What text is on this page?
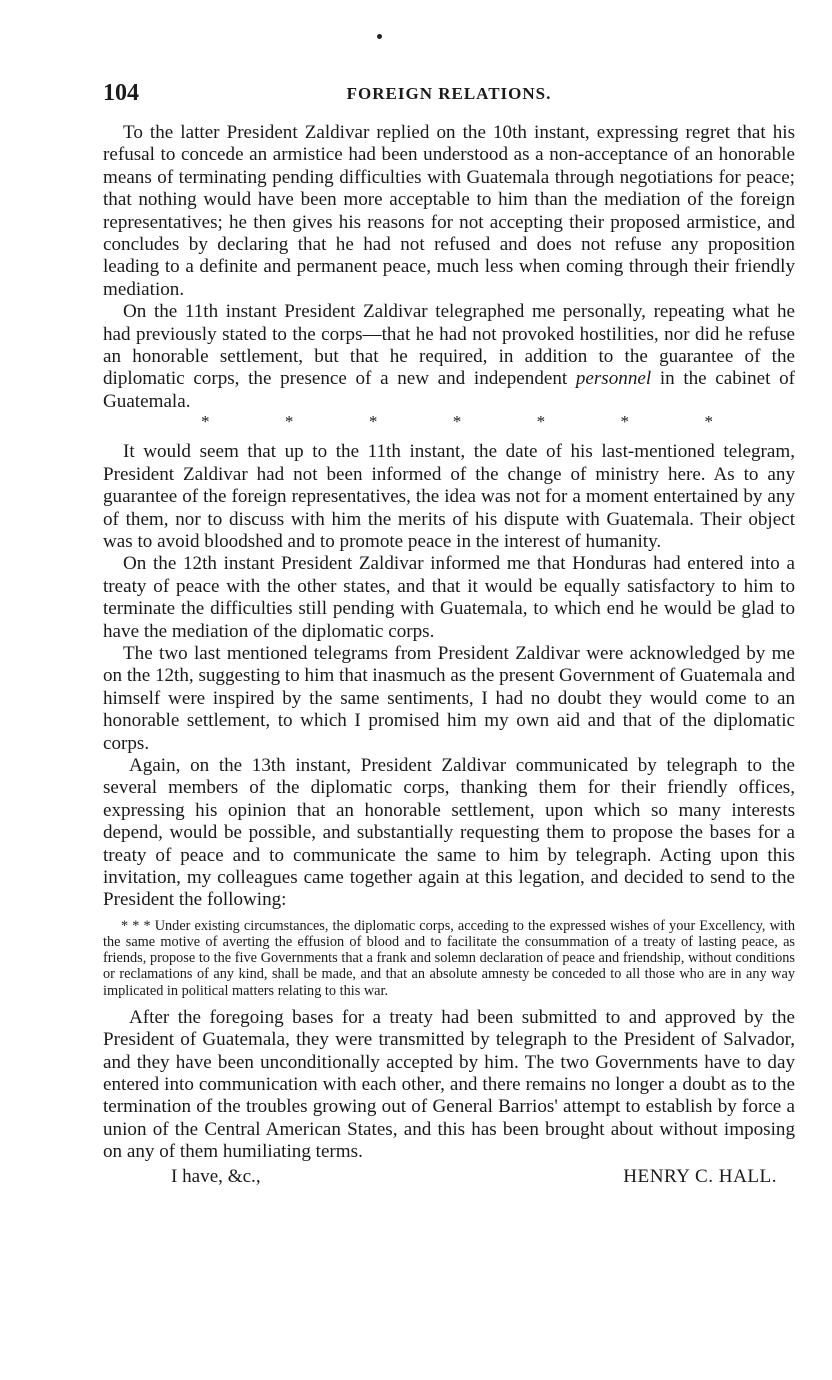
104	FOREIGN RELATIONS.

To the latter President Zaldivar replied on the 10th instant, expressing regret that his refusal to concede an armistice had been understood as a non-acceptance of an honorable means of terminating pending difficulties with Guatemala through negotiations for peace; that nothing would have been more acceptable to him than the mediation of the foreign representatives; he then gives his reasons for not accepting their proposed armistice, and concludes by declaring that he had not refused and does not refuse any proposition leading to a definite and permanent peace, much less when coming through their friendly mediation.

On the 11th instant President Zaldivar telegraphed me personally, repeating what he had previously stated to the corps—that he had not provoked hostilities, nor did he refuse an honorable settlement, but that he required, in addition to the guarantee of the diplomatic corps, the presence of a new and independent personnel in the cabinet of Guatemala.

*	*	*	*	*	*	*

It would seem that up to the 11th instant, the date of his last-mentioned telegram, President Zaldivar had not been informed of the change of ministry here. As to any guarantee of the foreign representatives, the idea was not for a moment entertained by any of them, nor to discuss with him the merits of his dispute with Guatemala. Their object was to avoid bloodshed and to promote peace in the interest of humanity.

On the 12th instant President Zaldivar informed me that Honduras had entered into a treaty of peace with the other states, and that it would be equally satisfactory to him to terminate the difficulties still pending with Guatemala, to which end he would be glad to have the mediation of the diplomatic corps.

The two last mentioned telegrams from President Zaldivar were acknowledged by me on the 12th, suggesting to him that inasmuch as the present Government of Guatemala and himself were inspired by the same sentiments, I had no doubt they would come to an honorable settlement, to which I promised him my own aid and that of the diplomatic corps.

Again, on the 13th instant, President Zaldivar communicated by telegraph to the several members of the diplomatic corps, thanking them for their friendly offices, expressing his opinion that an honorable settlement, upon which so many interests depend, would be possible, and substantially requesting them to propose the bases for a treaty of peace and to communicate the same to him by telegraph. Acting upon this invitation, my colleagues came together again at this legation, and decided to send to the President the following:

* * * Under existing circumstances, the diplomatic corps, acceding to the expressed wishes of your Excellency, with the same motive of averting the effusion of blood and to facilitate the consummation of a treaty of lasting peace, as friends, propose to the five Governments that a frank and solemn declaration of peace and friendship, without conditions or reclamations of any kind, shall be made, and that an absolute amnesty be conceded to all those who are in any way implicated in political matters relating to this war.

After the foregoing bases for a treaty had been submitted to and approved by the President of Guatemala, they were transmitted by telegraph to the President of Salvador, and they have been unconditionally accepted by him. The two Governments have to day entered into communication with each other, and there remains no longer a doubt as to the termination of the troubles growing out of General Barrios' attempt to establish by force a union of the Central American States, and this has been brought about without imposing on any of them humiliating terms.

I have, &c.,	HENRY C. HALL.
